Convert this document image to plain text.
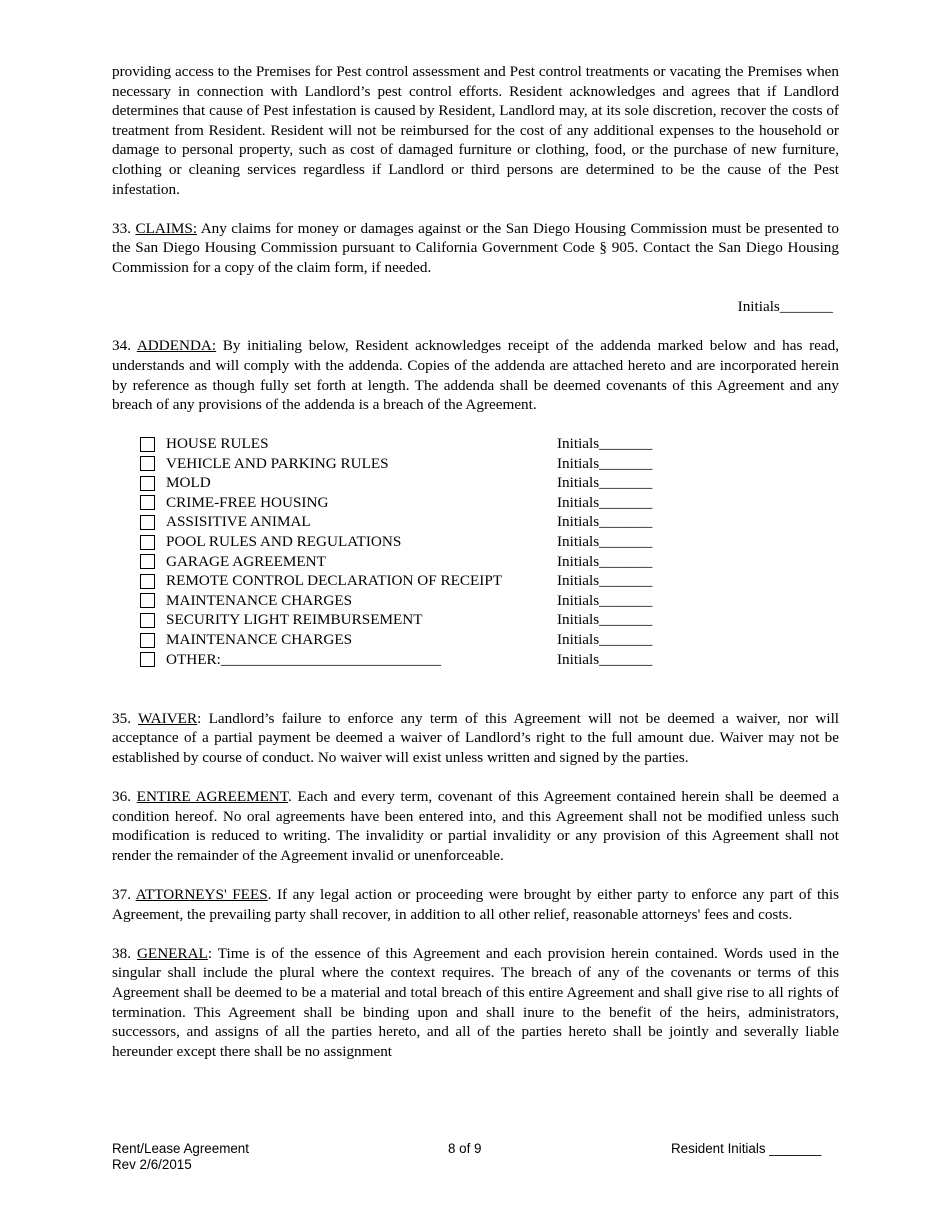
providing access to the Premises for Pest control assessment and Pest control treatments or vacating the Premises when necessary in connection with Landlord’s pest control efforts. Resident acknowledges and agrees that if Landlord determines that cause of Pest infestation is caused by Resident, Landlord may, at its sole discretion, recover the costs of treatment from Resident. Resident will not be reimbursed for the cost of any additional expenses to the household or damage to personal property, such as cost of damaged furniture or clothing, food, or the purchase of new furniture, clothing or cleaning services regardless if Landlord or third persons are determined to be the cause of the Pest infestation.

33. CLAIMS: Any claims for money or damages against or the San Diego Housing Commission must be presented to the San Diego Housing Commission pursuant to California Government Code § 905. Contact the San Diego Housing Commission for a copy of the claim form, if needed.

Initials_______

34. ADDENDA: By initialing below, Resident acknowledges receipt of the addenda marked below and has read, understands and will comply with the addenda. Copies of the addenda are attached hereto and are incorporated herein by reference as though fully set forth at length. The addenda shall be deemed covenants of this Agreement and any breach of any provisions of the addenda is a breach of the Agreement.

HOUSE RULES	Initials_______
VEHICLE AND PARKING RULES	Initials_______
MOLD	Initials_______
CRIME-FREE HOUSING	Initials_______
ASSISITIVE ANIMAL	Initials_______
POOL RULES AND REGULATIONS	Initials_______
GARAGE AGREEMENT	Initials_______
REMOTE CONTROL DECLARATION OF RECEIPT	Initials_______
MAINTENANCE CHARGES	Initials_______
SECURITY LIGHT REIMBURSEMENT	Initials_______
MAINTENANCE CHARGES	Initials_______
OTHER:_____________________________	Initials_______

35. WAIVER: Landlord’s failure to enforce any term of this Agreement will not be deemed a waiver, nor will acceptance of a partial payment be deemed a waiver of Landlord’s right to the full amount due. Waiver may not be established by course of conduct. No waiver will exist unless written and signed by the parties.

36. ENTIRE AGREEMENT. Each and every term, covenant of this Agreement contained herein shall be deemed a condition hereof. No oral agreements have been entered into, and this Agreement shall not be modified unless such modification is reduced to writing. The invalidity or partial invalidity or any provision of this Agreement shall not render the remainder of the Agreement invalid or unenforceable.

37. ATTORNEYS' FEES. If any legal action or proceeding were brought by either party to enforce any part of this Agreement, the prevailing party shall recover, in addition to all other relief, reasonable attorneys' fees and costs.

38. GENERAL: Time is of the essence of this Agreement and each provision herein contained. Words used in the singular shall include the plural where the context requires. The breach of any of the covenants or terms of this Agreement shall be deemed to be a material and total breach of this entire Agreement and shall give rise to all rights of termination. This Agreement shall be binding upon and shall inure to the benefit of the heirs, administrators, successors, and assigns of all the parties hereto, and all of the parties hereto shall be jointly and severally liable hereunder except there shall be no assignment

Rent/Lease Agreement
Rev 2/6/2015
8 of 9	Resident Initials _______
